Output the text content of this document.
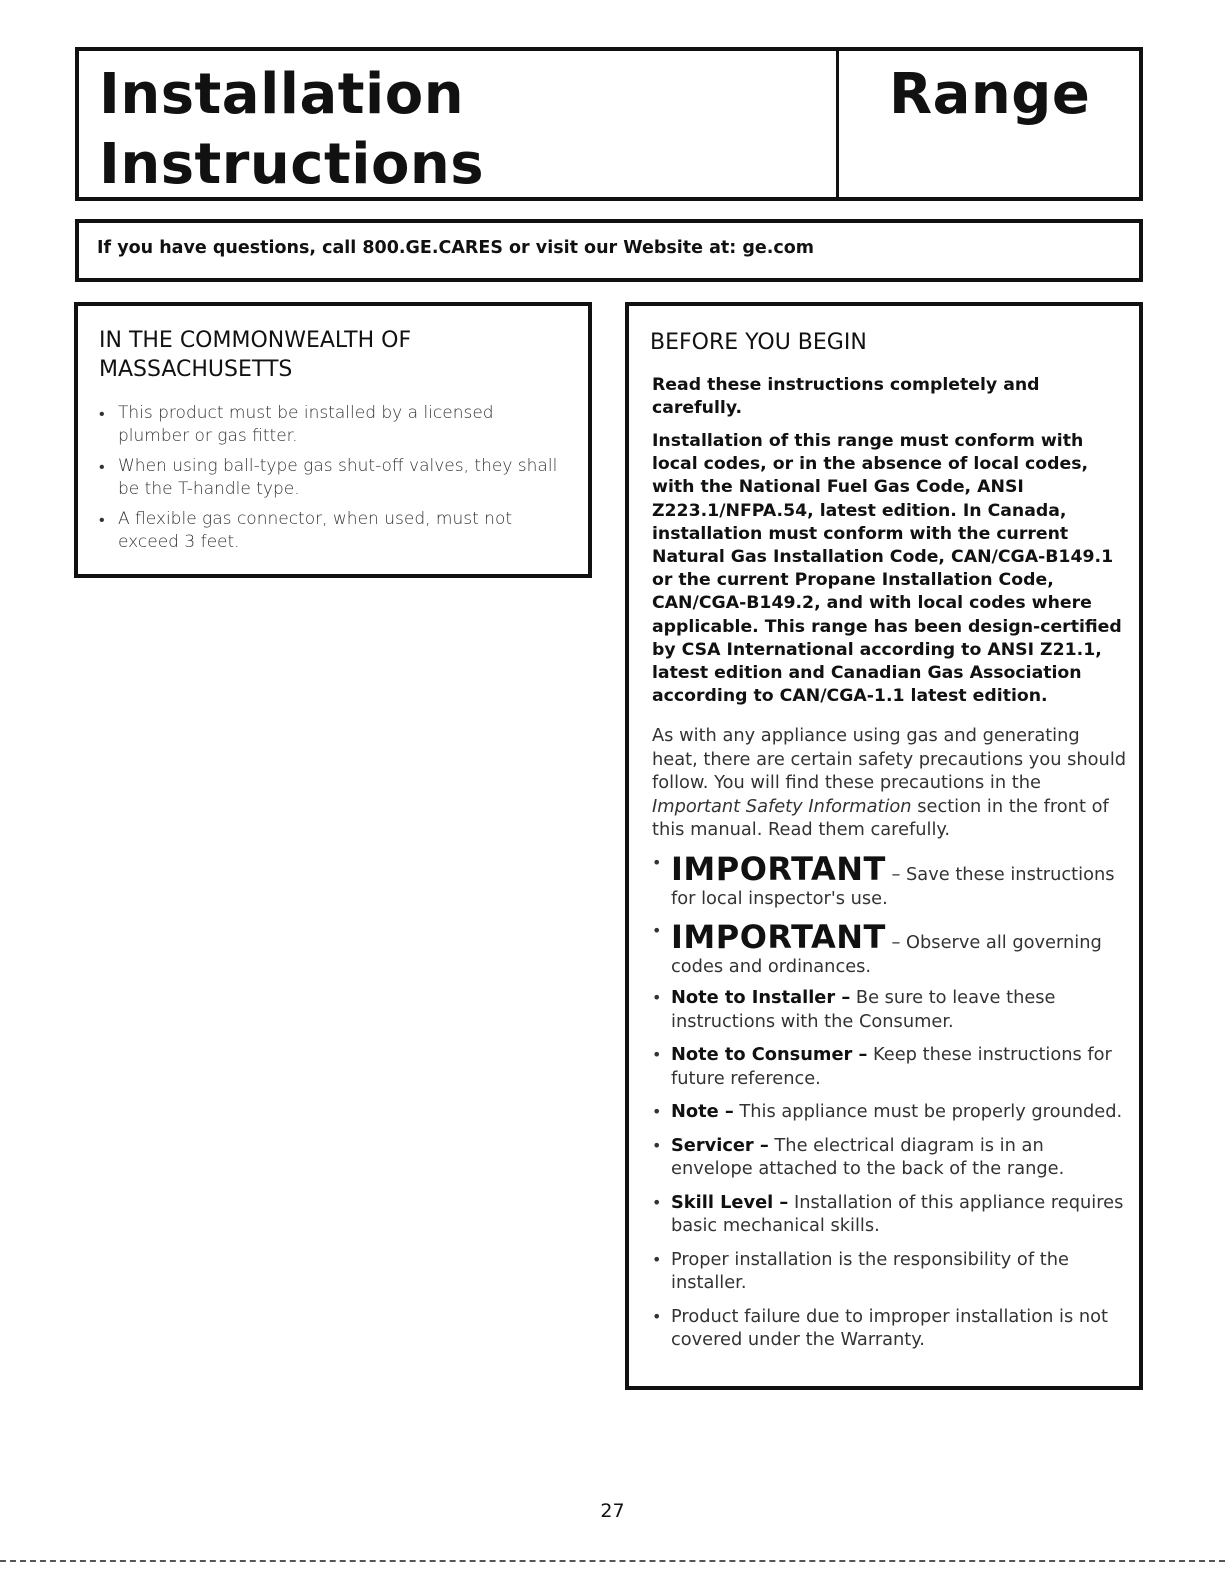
Installation
Instructions
Range
If you have questions, call 800.GE.CARES or visit our Website at: ge.com
IN THE COMMONWEALTH OF MASSACHUSETTS
• This product must be installed by a licensed plumber or gas fitter.
• When using ball-type gas shut-off valves, they shall be the T-handle type.
• A flexible gas connector, when used, must not exceed 3 feet.
BEFORE YOU BEGIN
Read these instructions completely and carefully.
Installation of this range must conform with local codes, or in the absence of local codes, with the National Fuel Gas Code, ANSI Z223.1/NFPA.54, latest edition. In Canada, installation must conform with the current Natural Gas Installation Code, CAN/CGA-B149.1 or the current Propane Installation Code, CAN/CGA-B149.2, and with local codes where applicable. This range has been design-certified by CSA International according to ANSI Z21.1, latest edition and Canadian Gas Association according to CAN/CGA-1.1 latest edition.
As with any appliance using gas and generating heat, there are certain safety precautions you should follow. You will find these precautions in the Important Safety Information section in the front of this manual. Read them carefully.
• IMPORTANT – Save these instructions for local inspector's use.
• IMPORTANT – Observe all governing codes and ordinances.
• Note to Installer – Be sure to leave these instructions with the Consumer.
• Note to Consumer – Keep these instructions for future reference.
• Note – This appliance must be properly grounded.
• Servicer – The electrical diagram is in an envelope attached to the back of the range.
• Skill Level – Installation of this appliance requires basic mechanical skills.
• Proper installation is the responsibility of the installer.
• Product failure due to improper installation is not covered under the Warranty.
27
